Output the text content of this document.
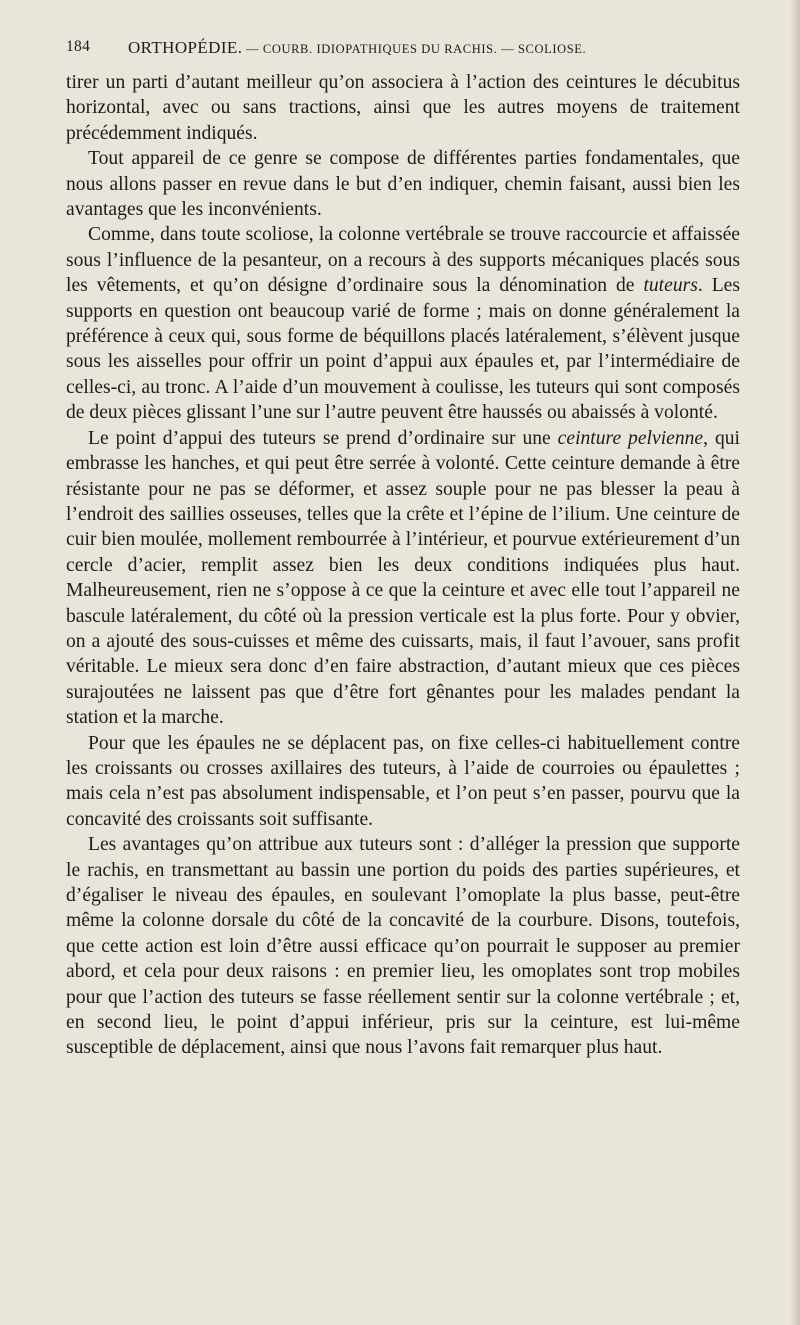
184 ORTHOPÉDIE. — COURB. IDIOPATHIQUES DU RACHIS. — SCOLIOSE.

tirer un parti d’autant meilleur qu’on associera à l’action des ceintures le décubitus horizontal, avec ou sans tractions, ainsi que les autres moyens de traitement précédemment indiqués.

Tout appareil de ce genre se compose de différentes parties fondamentales, que nous allons passer en revue dans le but d’en indiquer, chemin faisant, aussi bien les avantages que les inconvénients.

Comme, dans toute scoliose, la colonne vertébrale se trouve raccourcie et affaissée sous l’influence de la pesanteur, on a recours à des supports mécaniques placés sous les vêtements, et qu’on désigne d’ordinaire sous la dénomination de tuteurs. Les supports en question ont beaucoup varié de forme ; mais on donne généralement la préférence à ceux qui, sous forme de béquillons placés latéralement, s’élèvent jusque sous les aisselles pour offrir un point d’appui aux épaules et, par l’intermédiaire de celles-ci, au tronc. A l’aide d’un mouvement à coulisse, les tuteurs qui sont composés de deux pièces glissant l’une sur l’autre peuvent être haussés ou abaissés à volonté.

Le point d’appui des tuteurs se prend d’ordinaire sur une ceinture pelvienne, qui embrasse les hanches, et qui peut être serrée à volonté. Cette ceinture demande à être résistante pour ne pas se déformer, et assez souple pour ne pas blesser la peau à l’endroit des saillies osseuses, telles que la crête et l’épine de l’ilium. Une ceinture de cuir bien moulée, mollement rembourrée à l’intérieur, et pourvue extérieurement d’un cercle d’acier, remplit assez bien les deux conditions indiquées plus haut. Malheureusement, rien ne s’oppose à ce que la ceinture et avec elle tout l’appareil ne bascule latéralement, du côté où la pression verticale est la plus forte. Pour y obvier, on a ajouté des sous-cuisses et même des cuissarts, mais, il faut l’avouer, sans profit véritable. Le mieux sera donc d’en faire abstraction, d’autant mieux que ces pièces surajoutées ne laissent pas que d’être fort gênantes pour les malades pendant la station et la marche.

Pour que les épaules ne se déplacent pas, on fixe celles-ci habituellement contre les croissants ou crosses axillaires des tuteurs, à l’aide de courroies ou épaulettes ; mais cela n’est pas absolument indispensable, et l’on peut s’en passer, pourvu que la concavité des croissants soit suffisante.

Les avantages qu’on attribue aux tuteurs sont : d’alléger la pression que supporte le rachis, en transmettant au bassin une portion du poids des parties supérieures, et d’égaliser le niveau des épaules, en soulevant l’omoplate la plus basse, peut-être même la colonne dorsale du côté de la concavité de la courbure. Disons, toutefois, que cette action est loin d’être aussi efficace qu’on pourrait le supposer au premier abord, et cela pour deux raisons : en premier lieu, les omoplates sont trop mobiles pour que l’action des tuteurs se fasse réellement sentir sur la colonne vertébrale ; et, en second lieu, le point d’appui inférieur, pris sur la ceinture, est lui-même susceptible de déplacement, ainsi que nous l’avons fait remarquer plus haut.
